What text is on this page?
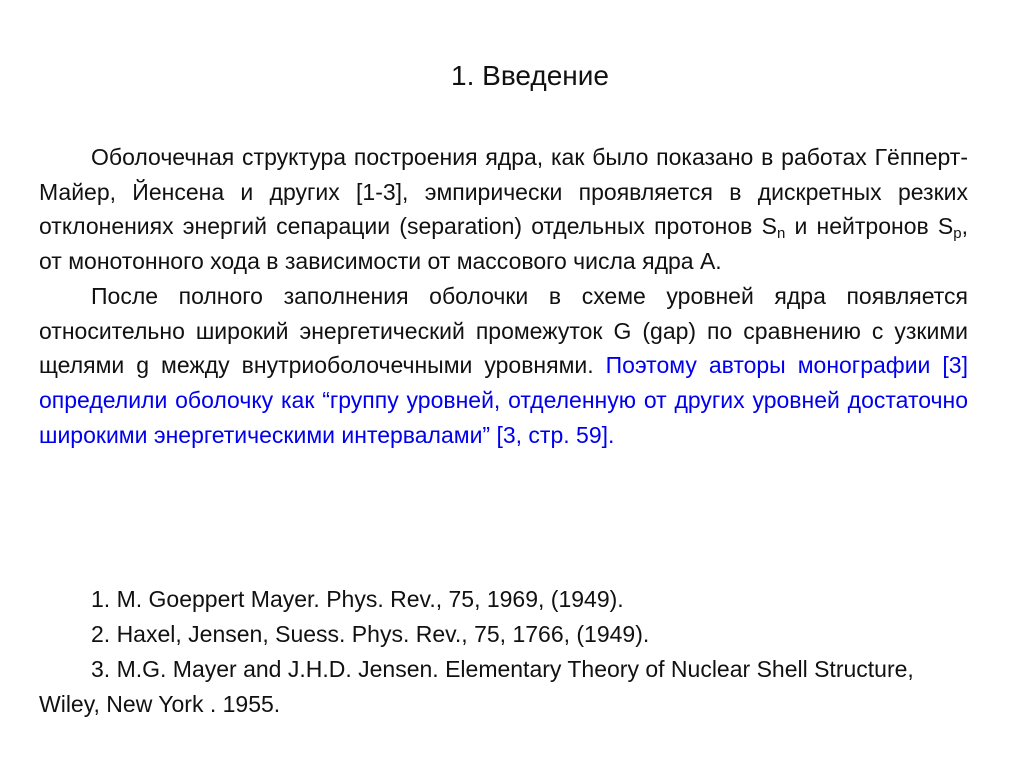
1. Введение

Оболочечная структура построения ядра, как было показано в работах Гёпперт-Майер, Йенсена и других [1-3], эмпирически проявляется в дискретных резких отклонениях энергий сепарации (separation) отдельных протонов $S_n$ и нейтронов $S_p$, от монотонного хода в зависимости от массового числа ядра А.

После полного заполнения оболочки в схеме уровней ядра появляется относительно широкий энергетический промежуток G (gap) по сравнению с узкими щелями g между внутриоболочечными уровнями. Поэтому авторы монографии [3] определили оболочку как “группу уровней, отделенную от других уровней достаточно широкими энергетическими интервалами” [3, стр. 59].

1. M. Goeppert Mayer. Phys. Rev., 75, 1969, (1949).

2. Haxel, Jensen, Suess. Phys. Rev., 75, 1766, (1949).

3. M.G. Mayer and J.H.D. Jensen. Elementary Theory of Nuclear Shell Structure, Wiley, New York . 1955.
